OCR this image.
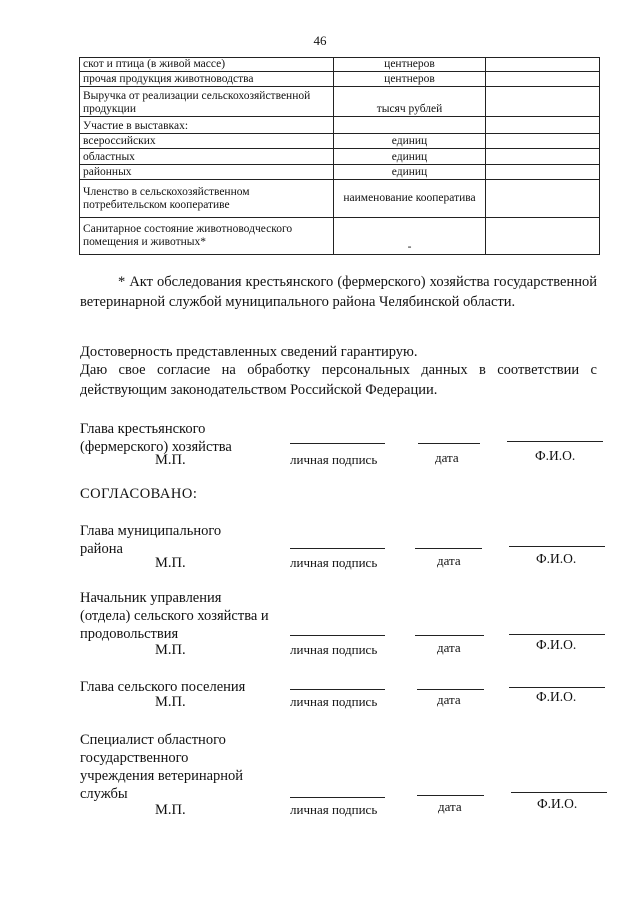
46
скот и птица (в живой массе)	центнеров	
прочая продукция животноводства	центнеров	
Выручка от реализации сельскохозяйственной продукции	тысяч рублей	
Участие в выставках:		
всероссийских	единиц	
областных	единиц	
районных	единиц	
Членство в сельскохозяйственном потребительском кооперативе	наименование кооператива	
Санитарное состояние животноводческого помещения и животных*	-	
* Акт обследования крестьянского (фермерского) хозяйства государственной ветеринарной службой муниципального района Челябинской области.
Достоверность представленных сведений гарантирую.
Даю свое согласие на обработку персональных данных в соответствии с действующим законодательством Российской Федерации.
Глава крестьянского (фермерского) хозяйства
М.П.	личная подпись	дата	Ф.И.О.
СОГЛАСОВАНО:
Глава муниципального района
М.П.	личная подпись	дата	Ф.И.О.
Начальник управления (отдела) сельского хозяйства и продовольствия
М.П.	личная подпись	дата	Ф.И.О.
Глава сельского поселения
М.П.	личная подпись	дата	Ф.И.О.
Специалист областного государственного учреждения ветеринарной службы
М.П.	личная подпись	дата	Ф.И.О.
